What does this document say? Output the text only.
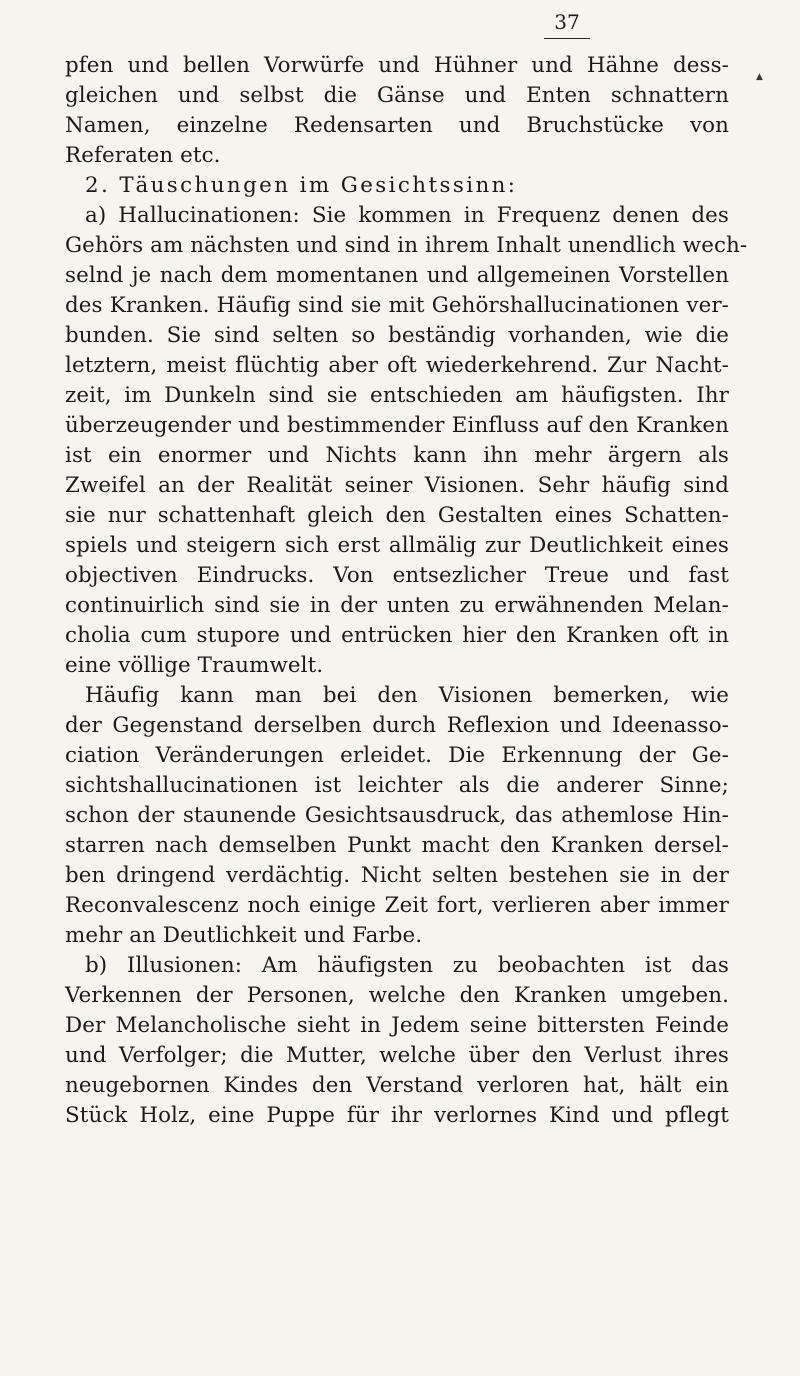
37
▲
pfen und bellen Vorwürfe und Hühner und Hähne dess-
gleichen und selbst die Gänse und Enten schnattern
Namen, einzelne Redensarten und Bruchstücke von
Referaten etc.
2. Täuschungen im Gesichtssinn:
a) Hallucinationen: Sie kommen in Frequenz denen des
Gehörs am nächsten und sind in ihrem Inhalt unendlich wech-
selnd je nach dem momentanen und allgemeinen Vorstellen
des Kranken. Häufig sind sie mit Gehörshallucinationen ver-
bunden. Sie sind selten so beständig vorhanden, wie die
letztern, meist flüchtig aber oft wiederkehrend. Zur Nacht-
zeit, im Dunkeln sind sie entschieden am häufigsten. Ihr
überzeugender und bestimmender Einfluss auf den Kranken
ist ein enormer und Nichts kann ihn mehr ärgern als
Zweifel an der Realität seiner Visionen. Sehr häufig sind
sie nur schattenhaft gleich den Gestalten eines Schatten-
spiels und steigern sich erst allmälig zur Deutlichkeit eines
objectiven Eindrucks. Von entsezlicher Treue und fast
continuirlich sind sie in der unten zu erwähnenden Melan-
cholia cum stupore und entrücken hier den Kranken oft in
eine völlige Traumwelt.
Häufig kann man bei den Visionen bemerken, wie
der Gegenstand derselben durch Reflexion und Ideenasso-
ciation Veränderungen erleidet. Die Erkennung der Ge-
sichtshallucinationen ist leichter als die anderer Sinne;
schon der staunende Gesichtsausdruck, das athemlose Hin-
starren nach demselben Punkt macht den Kranken dersel-
ben dringend verdächtig. Nicht selten bestehen sie in der
Reconvalescenz noch einige Zeit fort, verlieren aber immer
mehr an Deutlichkeit und Farbe.
b) Illusionen: Am häufigsten zu beobachten ist das
Verkennen der Personen, welche den Kranken umgeben.
Der Melancholische sieht in Jedem seine bittersten Feinde
und Verfolger; die Mutter, welche über den Verlust ihres
neugebornen Kindes den Verstand verloren hat, hält ein
Stück Holz, eine Puppe für ihr verlornes Kind und pflegt
